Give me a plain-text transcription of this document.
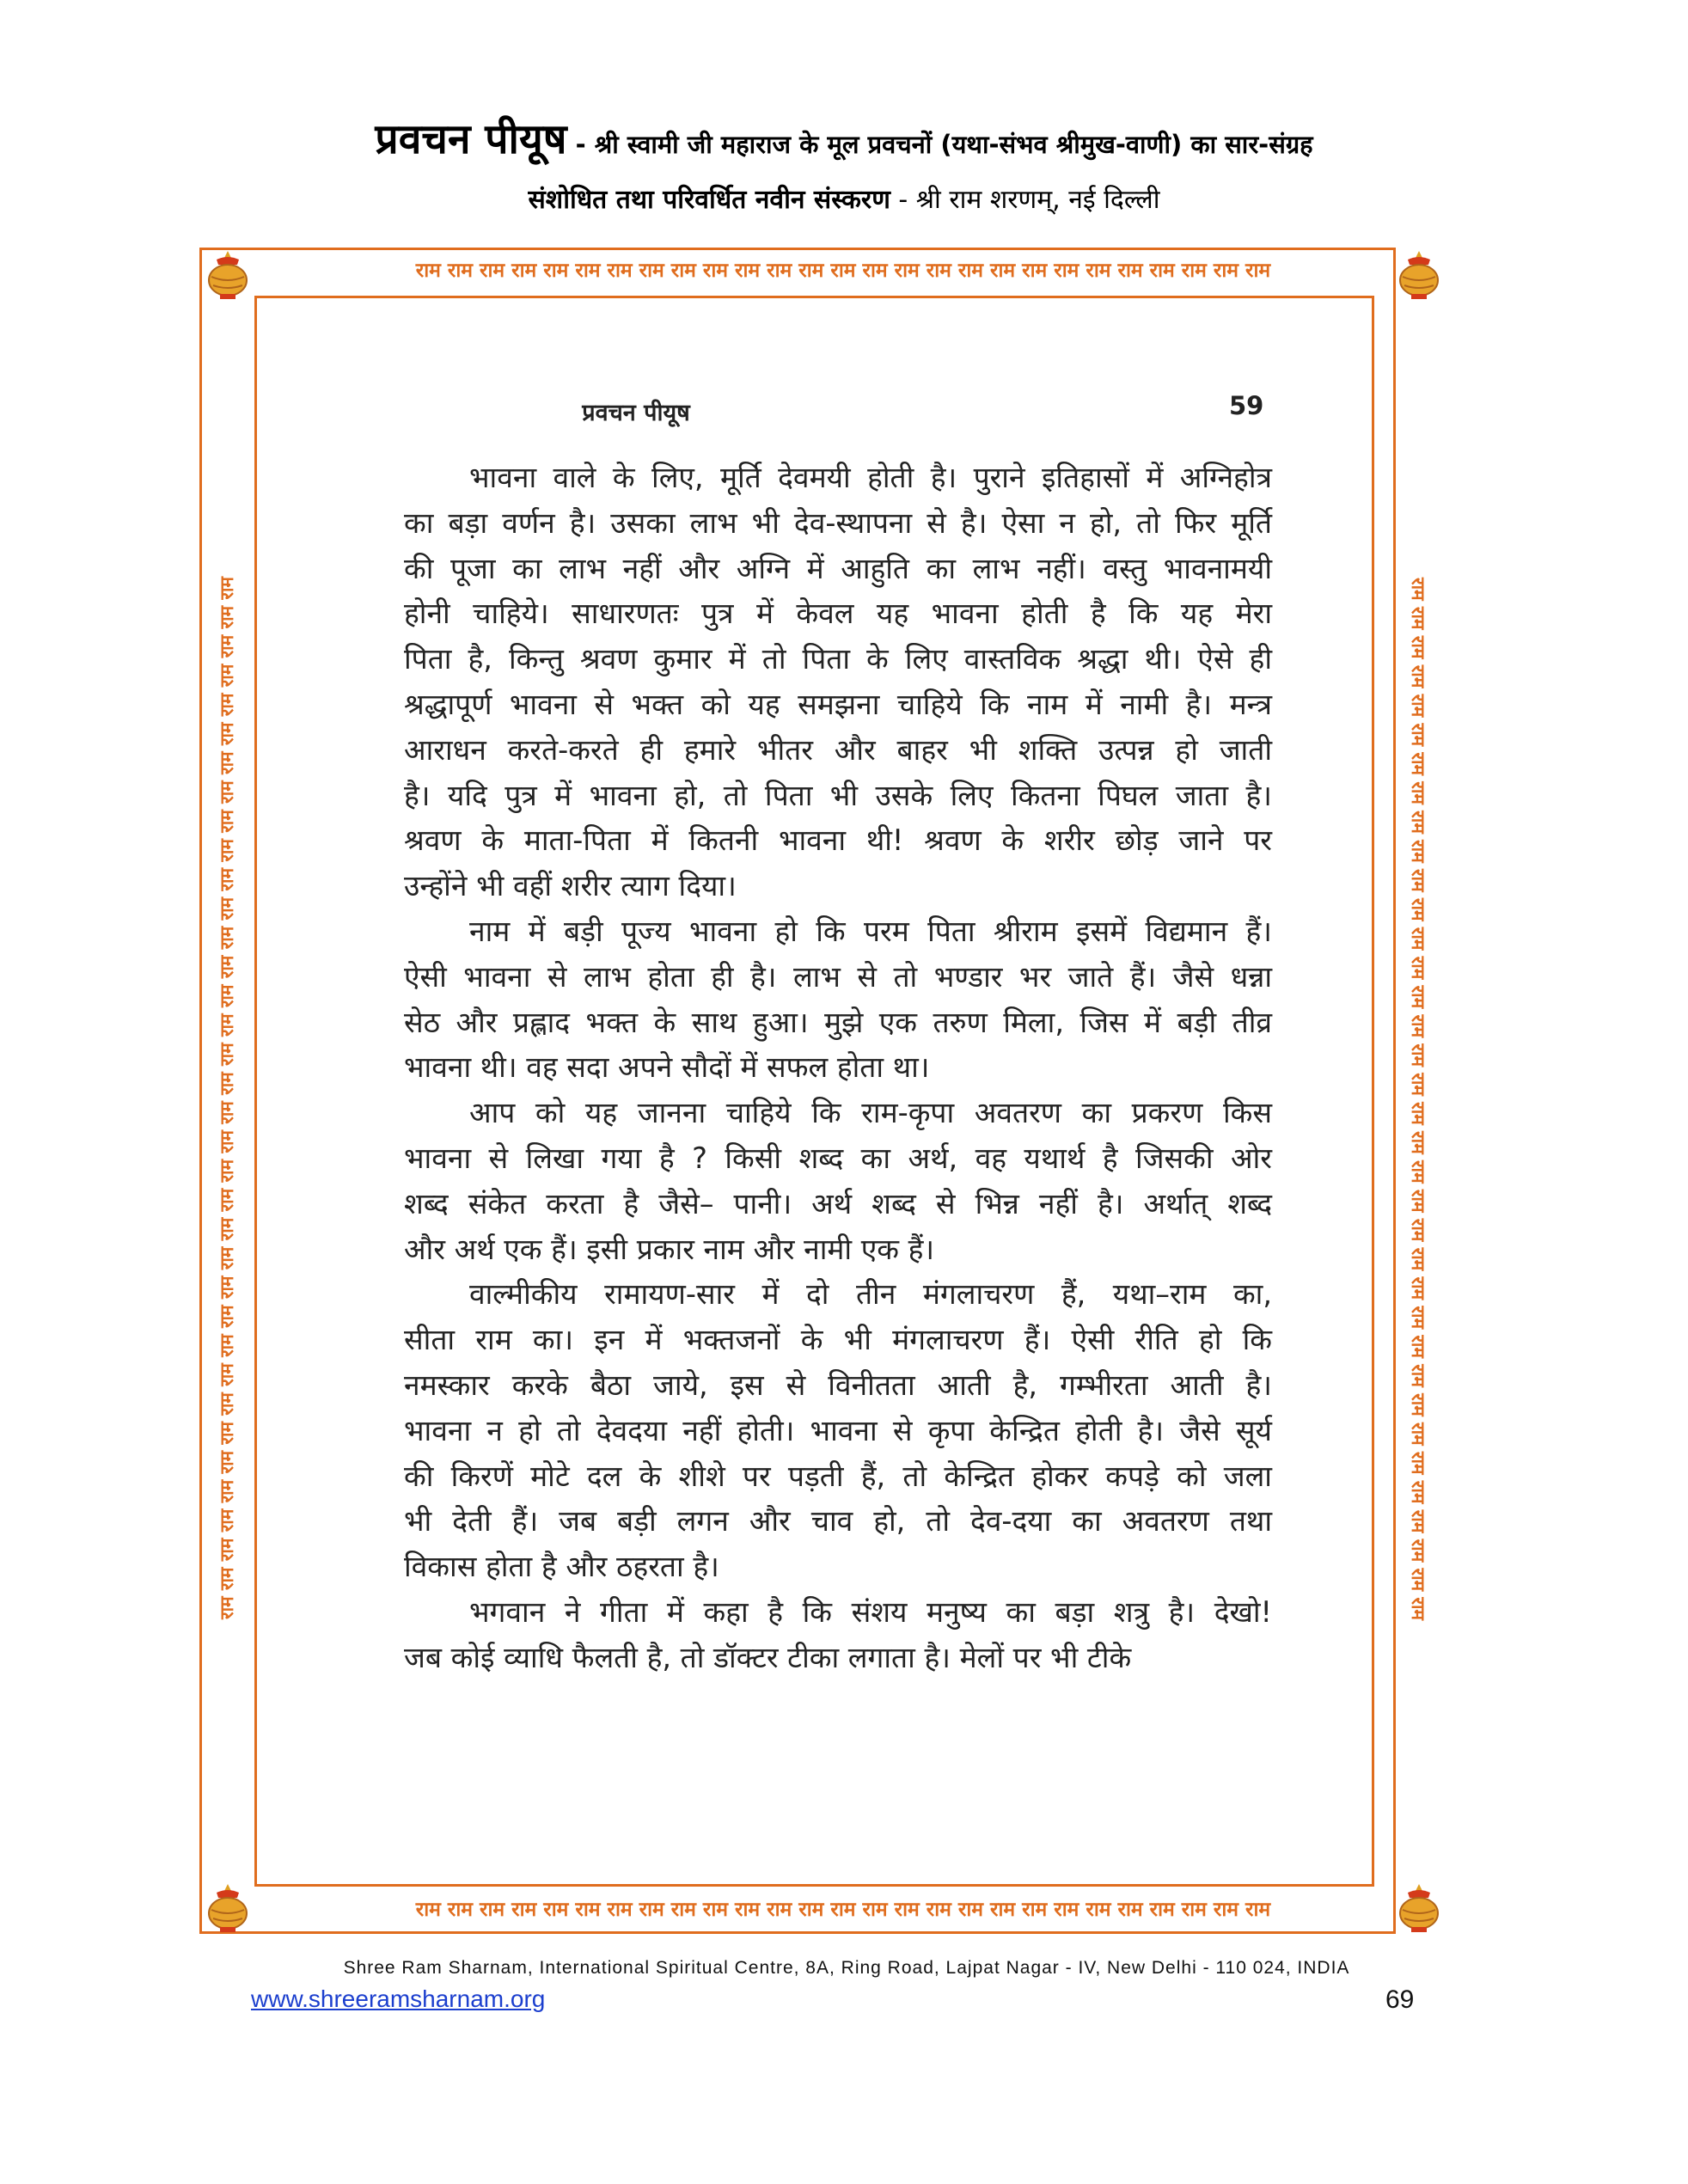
प्रवचन पीयूष - श्री स्वामी जी महाराज के मूल प्रवचनों (यथा-संभव श्रीमुख-वाणी) का सार-संग्रह
संशोधित तथा परिवर्धित नवीन संस्करण - श्री राम शरणम्, नई दिल्ली
राम राम राम राम राम राम राम राम राम राम राम राम राम राम राम राम राम राम राम राम राम राम राम राम राम राम राम
राम राम राम राम राम राम राम राम राम राम राम राम राम राम राम राम राम राम राम राम राम राम राम राम राम राम राम
राम राम राम राम राम राम राम राम राम राम राम राम राम राम राम राम राम राम राम राम राम राम राम राम राम राम राम राम राम राम राम राम राम राम राम राम	राम राम राम राम राम राम राम राम राम राम राम राम राम राम राम राम राम राम राम राम राम राम राम राम राम राम राम राम राम राम राम राम राम राम राम राम
प्रवचन पीयूष	59

भावना वाले के लिए, मूर्ति देवमयी होती है। पुराने इतिहासों में अग्निहोत्र
का बड़ा वर्णन है। उसका लाभ भी देव-स्थापना से है। ऐसा न हो, तो फिर मूर्ति
की पूजा का लाभ नहीं और अग्नि में आहुति का लाभ नहीं। वस्तु भावनामयी
होनी चाहिये। साधारणतः पुत्र में केवल यह भावना होती है कि यह मेरा
पिता है, किन्तु श्रवण कुमार में तो पिता के लिए वास्तविक श्रद्धा थी। ऐसे ही
श्रद्धापूर्ण भावना से भक्त को यह समझना चाहिये कि नाम में नामी है। मन्त्र
आराधन करते-करते ही हमारे भीतर और बाहर भी शक्ति उत्पन्न हो जाती
है। यदि पुत्र में भावना हो, तो पिता भी उसके लिए कितना पिघल जाता है।
श्रवण के माता-पिता में कितनी भावना थी! श्रवण के शरीर छोड़ जाने पर
उन्होंने भी वहीं शरीर त्याग दिया।

नाम में बड़ी पूज्य भावना हो कि परम पिता श्रीराम इसमें विद्यमान हैं।
ऐसी भावना से लाभ होता ही है। लाभ से तो भण्डार भर जाते हैं। जैसे धन्ना
सेठ और प्रह्लाद भक्त के साथ हुआ। मुझे एक तरुण मिला, जिस में बड़ी तीव्र
भावना थी। वह सदा अपने सौदों में सफल होता था।

आप को यह जानना चाहिये कि राम-कृपा अवतरण का प्रकरण किस
भावना से लिखा गया है ? किसी शब्द का अर्थ, वह यथार्थ है जिसकी ओर
शब्द संकेत करता है जैसे– पानी। अर्थ शब्द से भिन्न नहीं है। अर्थात् शब्द
और अर्थ एक हैं। इसी प्रकार नाम और नामी एक हैं।

वाल्मीकीय रामायण-सार में दो तीन मंगलाचरण हैं, यथा–राम का,
सीता राम का। इन में भक्तजनों के भी मंगलाचरण हैं। ऐसी रीति हो कि
नमस्कार करके बैठा जाये, इस से विनीतता आती है, गम्भीरता आती है।
भावना न हो तो देवदया नहीं होती। भावना से कृपा केन्द्रित होती है। जैसे सूर्य
की किरणें मोटे दल के शीशे पर पड़ती हैं, तो केन्द्रित होकर कपड़े को जला
भी देती हैं। जब बड़ी लगन और चाव हो, तो देव-दया का अवतरण तथा
विकास होता है और ठहरता है।

भगवान ने गीता में कहा है कि संशय मनुष्य का बड़ा शत्रु है। देखो!
जब कोई व्याधि फैलती है, तो डॉक्टर टीका लगाता है। मेलों पर भी टीके

Shree Ram Sharnam, International Spiritual Centre, 8A, Ring Road, Lajpat Nagar - IV, New Delhi - 110 024, INDIA
www.shreeramsharnam.org	69
